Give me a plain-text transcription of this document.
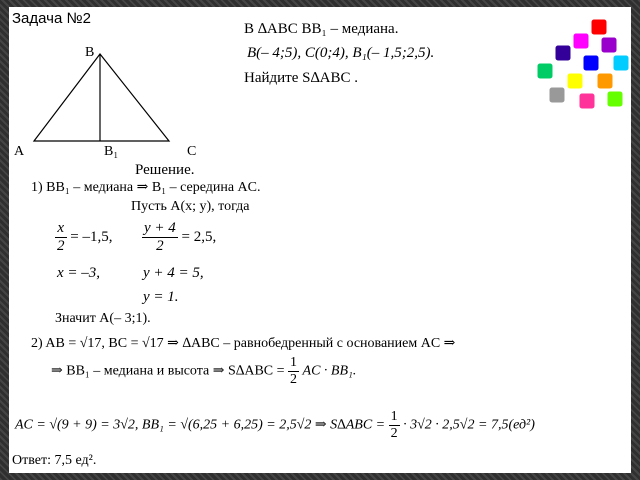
Задача №2
B
A	B₁	C
В ∆ABC BB₁ – медиана.
B(– 4;5), C(0;4), B₁(– 1,5;2,5).
Найдите S∆ABC .
Решение.
1) BB₁ – медиана ⇒ B₁ – середина AC.
Пусть A(x; y), тогда
$\frac{x}{2} = -1,5$, $\frac{y + 4}{2} = 2,5$,
x = –3,	y + 4 = 5,
y = 1.
Значит A(– 3;1).
2) AB = √17, BC = √17 ⇒ ∆ABC – равнобедренный с основанием AC ⇒
⇒ BB₁ – медиана и высота ⇒ $S\Delta ABC = \frac{1}{2}$ AC · BB₁.
AC = √(9 + 9) = 3√2, BB₁ = √(6,25 + 6,25) = 2,5√2 ⇒ $S\Delta ABC = \frac{1}{2} \cdot 3√2 \cdot 2,5√2 = 7,5(ед^2)$
Ответ: 7,5 ед².
